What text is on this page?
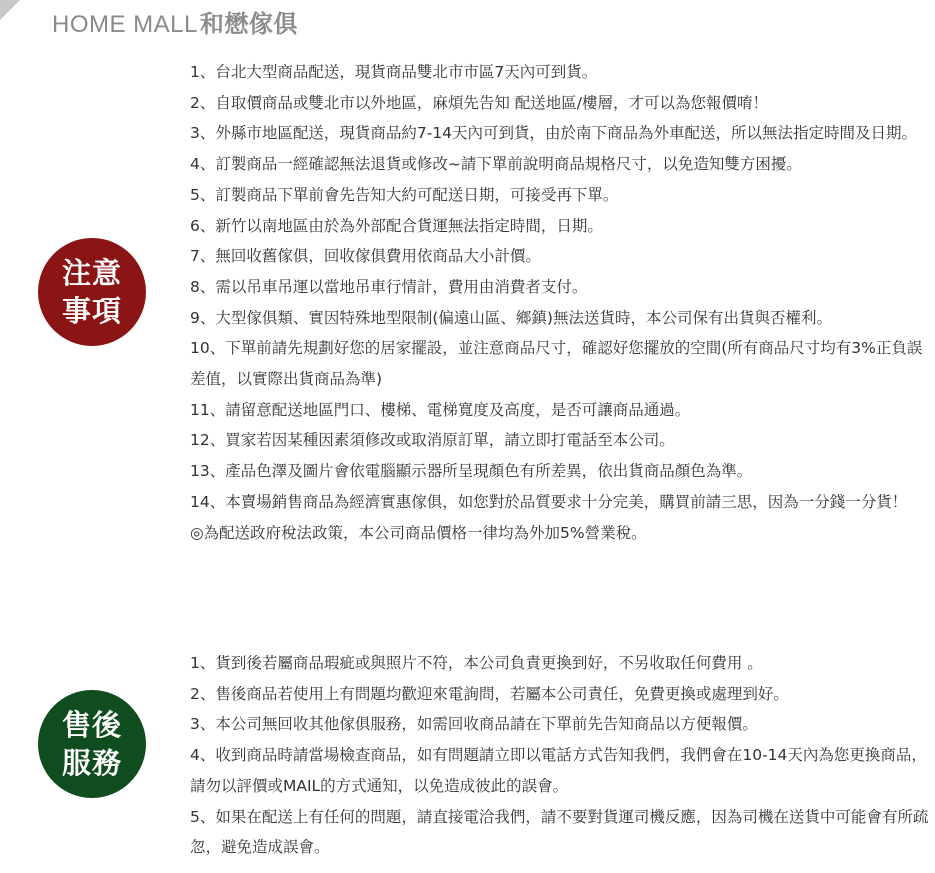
HOME MALL和懋傢俱
注意
事項

1、台北大型商品配送，現貨商品雙北市市區7天內可到貨。

2、自取價商品或雙北市以外地區，麻煩先告知 配送地區/樓層，才可以為您報價唷！

3、外縣市地區配送，現貨商品約7-14天內可到貨，由於南下商品為外車配送，所以無法指定時間及日期。

4、訂製商品一經確認無法退貨或修改~請下單前說明商品規格尺寸，以免造知雙方困擾。

5、訂製商品下單前會先告知大約可配送日期，可接受再下單。

6、新竹以南地區由於為外部配合貨運無法指定時間，日期。

7、無回收舊傢俱，回收傢俱費用依商品大小計價。

8、需以吊車吊運以當地吊車行情計，費用由消費者支付。

9、大型傢俱類、實因特殊地型限制(偏遠山區、鄉鎮)無法送貨時，本公司保有出貨與否權利。

10、下單前請先規劃好您的居家擺設，並注意商品尺寸，確認好您擺放的空間(所有商品尺寸均有3%正負誤差值，以實際出貨商品為準)

11、請留意配送地區門口、樓梯、電梯寬度及高度，是否可讓商品通過。

12、買家若因某種因素須修改或取消原訂單，請立即打電話至本公司。

13、產品色澤及圖片會依電腦顯示器所呈現顏色有所差異，依出貨商品顏色為準。

14、本賣場銷售商品為經濟實惠傢俱，如您對於品質要求十分完美，購買前請三思，因為一分錢一分貨！

◎為配送政府稅法政策，本公司商品價格一律均為外加5%營業稅。

售後
服務

1、貨到後若屬商品瑕疵或與照片不符，本公司負責更換到好，不另收取任何費用 。

2、售後商品若使用上有問題均歡迎來電詢問，若屬本公司責任，免費更換或處理到好。

3、本公司無回收其他傢俱服務，如需回收商品請在下單前先告知商品以方便報價。

4、收到商品時請當場檢查商品，如有問題請立即以電話方式告知我們，我們會在10-14天內為您更換商品，請勿以評價或MAIL的方式通知，以免造成彼此的誤會。

5、如果在配送上有任何的問題，請直接電洽我們，請不要對貨運司機反應，因為司機在送貨中可能會有所疏忽，避免造成誤會。
